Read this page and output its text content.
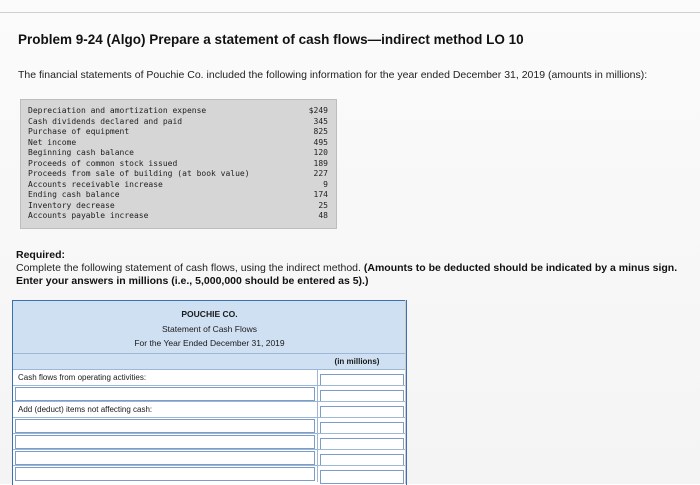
Problem 9-24 (Algo) Prepare a statement of cash flows—indirect method LO 10
The financial statements of Pouchie Co. included the following information for the year ended December 31, 2019 (amounts in millions):
Depreciation and amortization expense	$249
Cash dividends declared and paid	345
Purchase of equipment	825
Net income	495
Beginning cash balance	120
Proceeds of common stock issued	189
Proceeds from sale of building (at book value)	227
Accounts receivable increase	9
Ending cash balance	174
Inventory decrease	25
Accounts payable increase	48
Required:
Complete the following statement of cash flows, using the indirect method. (Amounts to be deducted should be indicated by a minus sign. Enter your answers in millions (i.e., 5,000,000 should be entered as 5).)
POUCHIE CO.
Statement of Cash Flows
For the Year Ended December 31, 2019
(in millions)
Cash flows from operating activities:
Add (deduct) items not affecting cash:
